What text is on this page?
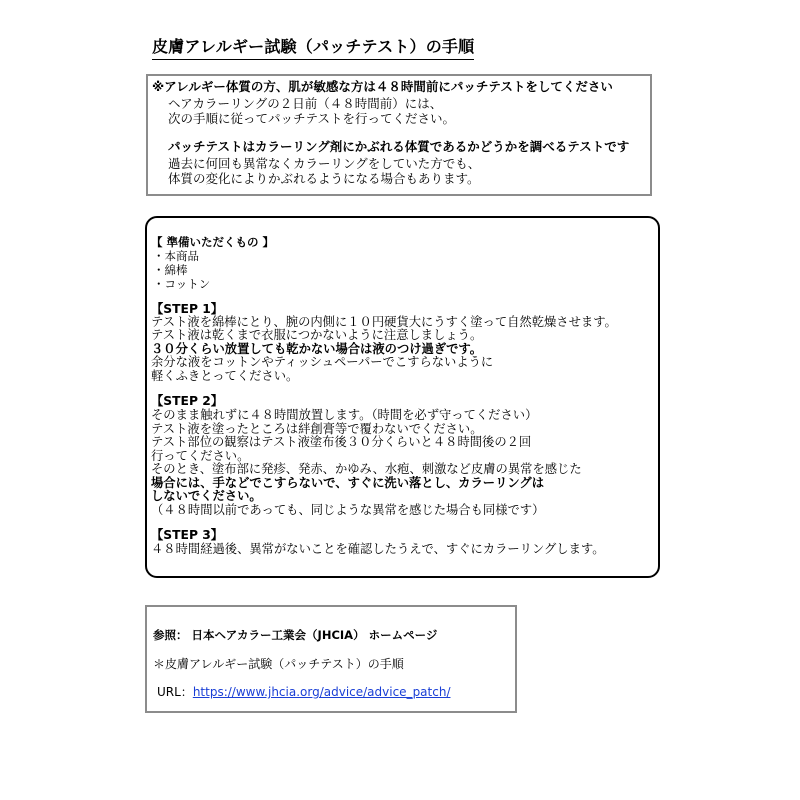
皮膚アレルギー試験（パッチテスト）の手順
※アレルギー体質の方、肌が敏感な方は４８時間前にパッチテストをしてください
ヘアカラーリングの２日前（４８時間前）には、
次の手順に従ってパッチテストを行ってください。
パッチテストはカラーリング剤にかぶれる体質であるかどうかを調べるテストです
過去に何回も異常なくカラーリングをしていた方でも、
体質の変化によりかぶれるようになる場合もあります。
【 準備いただくもの 】
・本商品
・綿棒
・コットン
【STEP 1】
テスト液を綿棒にとり、腕の内側に１０円硬貨大にうすく塗って自然乾燥させます。
テスト液は乾くまで衣服につかないように注意しましょう。
３０分くらい放置しても乾かない場合は液のつけ過ぎです。
余分な液をコットンやティッシュペーパーでこすらないように
軽くふきとってください。
【STEP 2】
そのまま触れずに４８時間放置します。（時間を必ず守ってください）
テスト液を塗ったところは絆創膏等で覆わないでください。
テスト部位の観察はテスト液塗布後３０分くらいと４８時間後の２回
行ってください。
そのとき、塗布部に発疹、発赤、かゆみ、水疱、刺激など皮膚の異常を感じた
場合には、手などでこすらないで、すぐに洗い落とし、カラーリングは
しないでください。
（４８時間以前であっても、同じような異常を感じた場合も同様です）
【STEP 3】
４８時間経過後、異常がないことを確認したうえで、すぐにカラーリングします。
参照： 日本ヘアカラー工業会（JHCIA） ホームページ
＊皮膚アレルギー試験（パッチテスト）の手順
URL：https://www.jhcia.org/advice/advice_patch/
